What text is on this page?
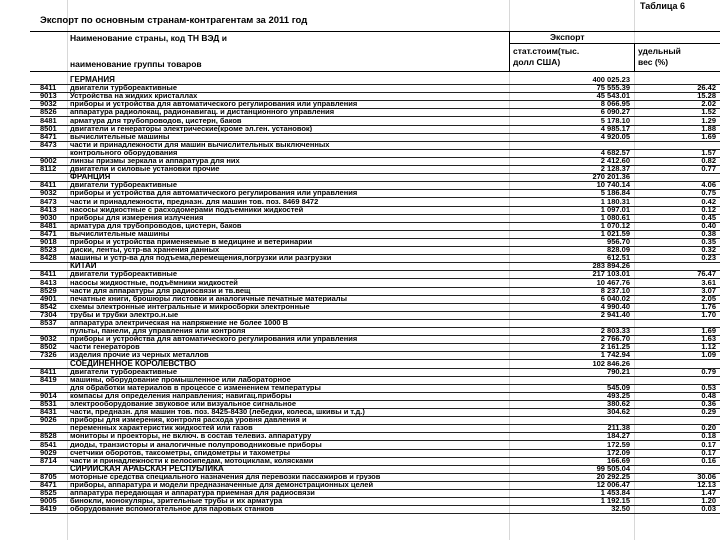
Таблица 6
Экспорт по основным странам-контрагентам за 2011 год
Наименование страны, код ТН ВЭД и
наименование группы товаров
Экспорт
стат.стоим(тыс.
долл США)
удельный
вес (%)
ГЕРМАНИЯ	400 025.23
8411 двигатели турбореактивные	75 555.39	26.42
9013 Устройства на жидких кристаллах	45 543.01	15.28
9032 приборы и устройства для автоматического регулирования или управления	8 066.95	2.02
8526 аппаратура радиолокац, радионавигац. и дистанционного управления	6 090.27	1.52
8481 арматура для трубопроводов, цистерн, баков	5 178.10	1.29
8501 двигатели и генераторы электрические(кроме эл.ген. установок)	4 985.17	1.88
8471 вычислительные машины	4 920.05	1.69
8473 части и принадлежности для машин вычислительных выключенных
контрольного оборудования	4 682.57	1.57
9002 линзы призмы зеркала и аппаратура для них	2 412.60	0.82
8112 двигатели и силовые установки прочие	2 128.37	0.77
ФРАНЦИЯ	270 201.36
8411 двигатели турбореактивные	10 740.14	4.06
9032 приборы и устройства для автоматического регулирования или управления	5 186.84	0.75
8473 части и принадлежности, предназн. для машин тов. поз. 8469 8472	1 180.31	0.42
8413 насосы жидкостные с расходомерами подъемники жидкостей	1 097.01	0.12
9030 приборы для измерения излучения	1 080.61	0.45
8481 арматура для трубопроводов, цистерн, баков	1 070.12	0.40
8471 вычислительные машины	1 021.59	0.38
9018 приборы и устройства применяемые в медицине и ветеринарии	956.70	0.35
8523 диски, ленты, устр-ва хранения данных	828.09	0.32
8428 машины и устр-ва для подъема,перемещения,погрузки или разгрузки	612.51	0.23
КИТАЙ	283 894.26
8411 двигатели турбореактивные	217 103.01	76.47
8413 насосы жидкостные, подъёмники жидкостей	10 467.76	3.61
8529 части для аппаратуры для радиосвязи и тв.вещ	8 237.10	3.07
4901 печатные книги, брошюры листовки и аналогичные печатные материалы	6 040.02	2.05
8542 схемы электронные интегральные и микросборки электронные	4 990.40	1.76
7304 трубы и трубки электро.н.ые	2 941.40	1.70
8537 аппаратура электрическая на напряжение не более 1000 В
пульты, панели, для управления или контроля	2 803.33	1.69
9032 приборы и устройства для автоматического регулирования или управления	2 766.70	1.63
8502 части генераторов	2 161.25	1.12
7326 изделия прочие из черных металлов	1 742.94	1.09
СОЕДИНЕННОЕ КОРОЛЕВСТВО	102 846.26
8411 двигатели турбореактивные	790.21	0.79
8419 машины, оборудование промышленное или лабораторное
для обработки материалов в процессе с изменением температуры	545.09	0.53
9014 компасы для определения направления; навигац.приборы	493.25	0.48
8531 электрооборудование звуковое или визуальное сигнальное	380.62	0.36
8431 части, предназн. для машин тов. поз. 8425-8430 (лебедки, колеса, шкивы и т.д.)	304.62	0.29
9026 приборы для измерения, контроля расхода уровня давления и
переменных характеристик жидкостей или газов	211.38	0.20
8528 мониторы и проекторы, не включ. в состав телевиз. аппаратуру	184.27	0.18
8541 диоды, транзисторы и аналогичные полупроводниковые приборы	172.59	0.17
9029 счетчики оборотов, таксометры, спидометры и тахометры	172.09	0.17
8714 части и принадлежности к велосипедам, мотоциклам, колясками	166.69	0.16
СИРИЙСКАЯ АРАБСКАЯ РЕСПУБЛИКА	99 505.04
8705 моторные средства специального назначения для перевозки пассажиров и грузов	20 292.25	30.06
8471 приборы, аппаратура и модели предназначенные для демонстрационных целей	12 006.47	12.13
8525 аппаратура передающая и аппаратура приемная для радиосвязи	1 453.84	1.47
9005 бинокли, монокуляры, зрительные трубы и их арматура	1 192.15	1.20
8419 оборудование вспомогательное для паровых станков	32.50	0.03
